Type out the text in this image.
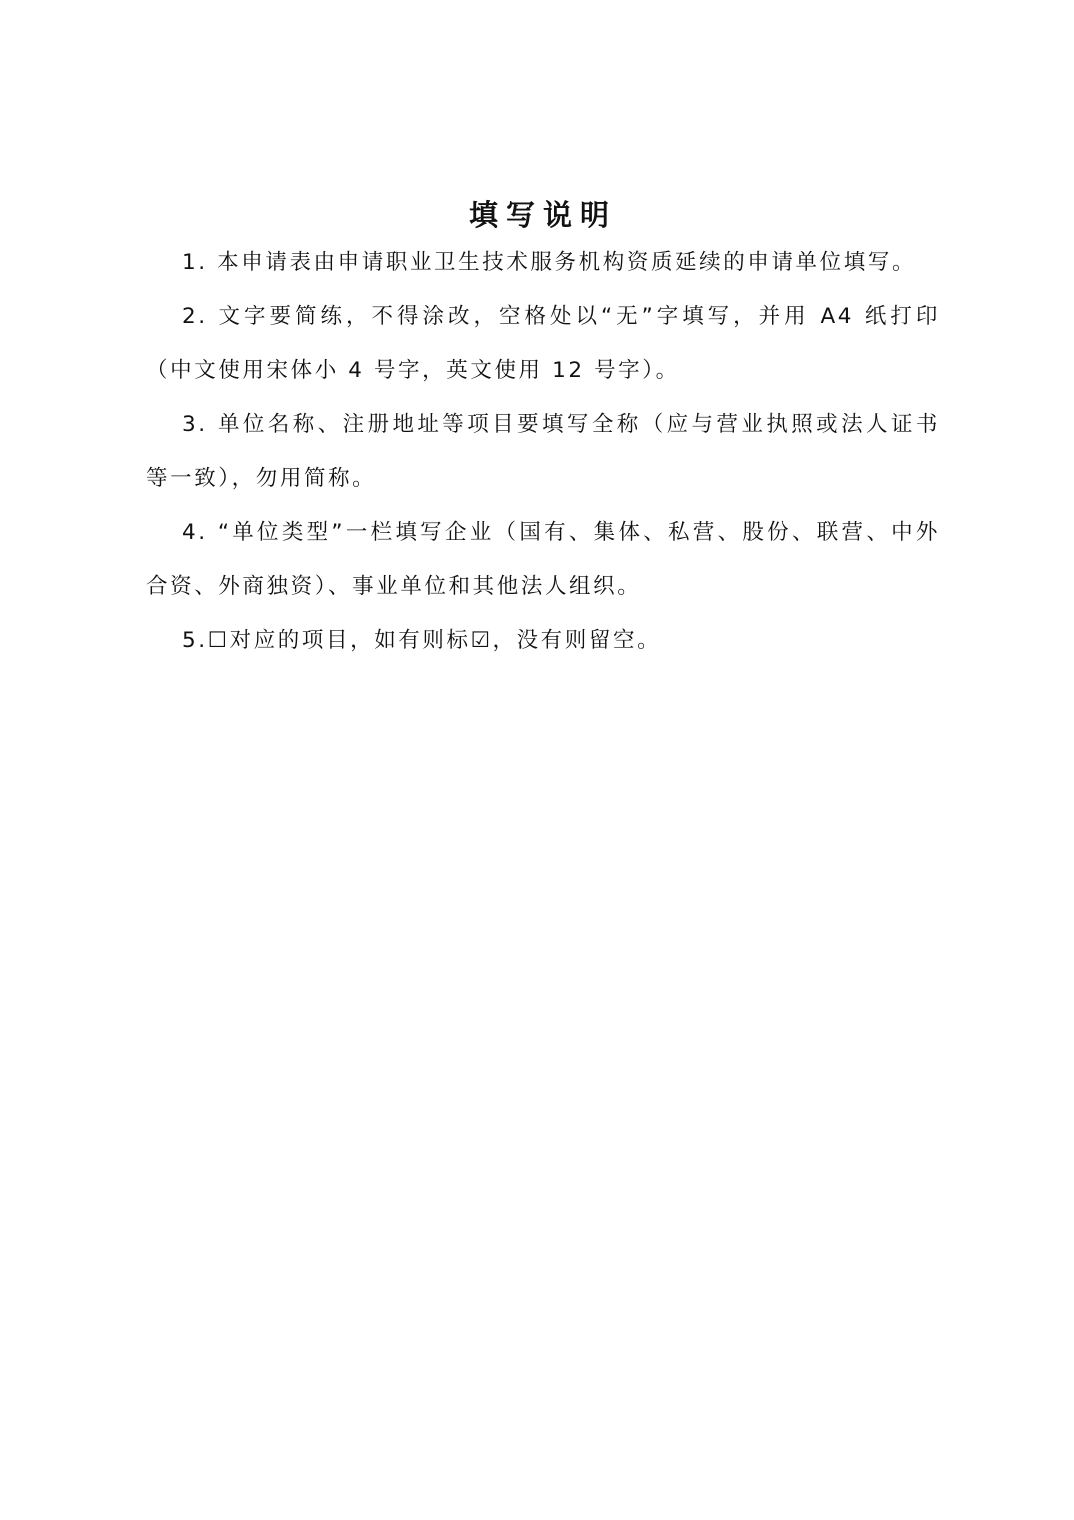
填写说明

1. 本申请表由申请职业卫生技术服务机构资质延续的申请单位填写。

2. 文字要简练，不得涂改，空格处以“无”字填写，并用 A4 纸打印（中文使用宋体小 4 号字，英文使用 12 号字）。

3. 单位名称、注册地址等项目要填写全称（应与营业执照或法人证书等一致），勿用简称。

4. “单位类型”一栏填写企业（国有、集体、私营、股份、联营、中外合资、外商独资）、事业单位和其他法人组织。

5.☐对应的项目，如有则标☑，没有则留空。
